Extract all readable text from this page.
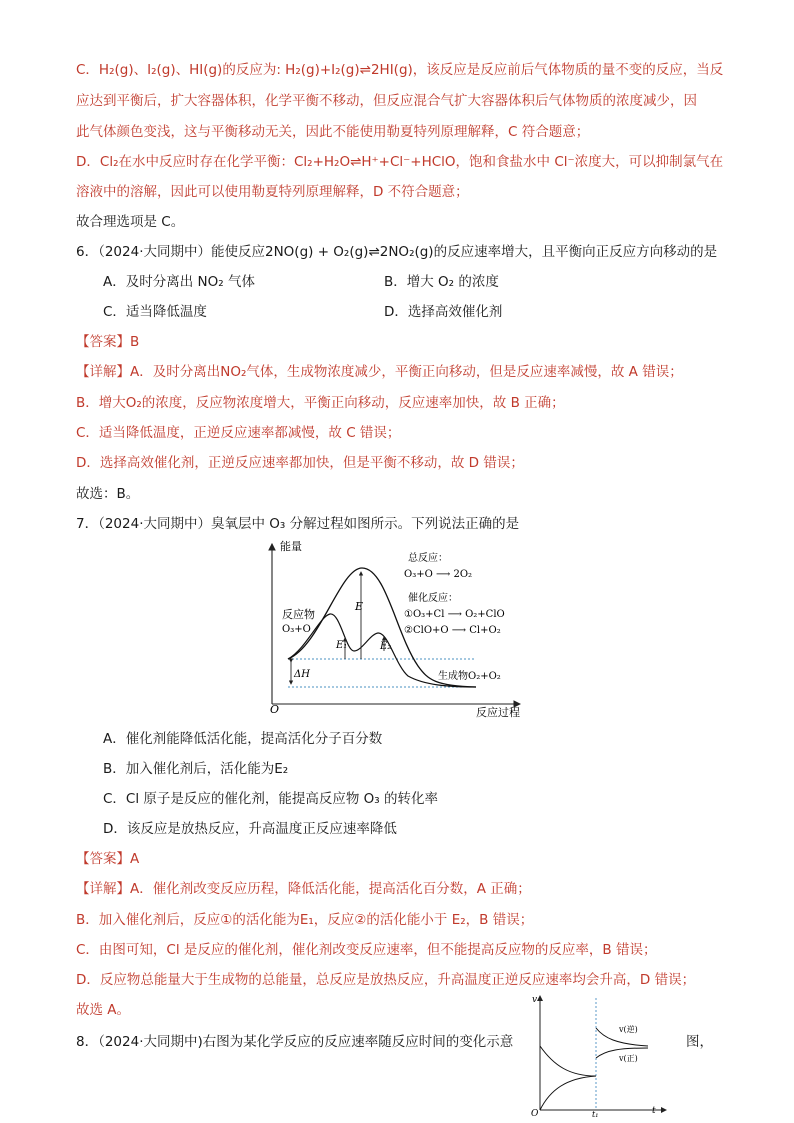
C．H₂(g)、I₂(g)、HI(g)的反应为: H₂(g)+I₂(g)⇌2HI(g)，该反应是反应前后气体物质的量不变的反应，当反
应达到平衡后，扩大容器体积，化学平衡不移动，但反应混合气扩大容器体积后气体物质的浓度减少，因
此气体颜色变浅，这与平衡移动无关，因此不能使用勒夏特列原理解释，C 符合题意；
D．Cl₂在水中反应时存在化学平衡：Cl₂+H₂O⇌H⁺+Cl⁻+HClO，饱和食盐水中 Cl⁻浓度大，可以抑制氯气在
溶液中的溶解，因此可以使用勒夏特列原理解释，D 不符合题意；
故合理选项是 C。
6．（2024·大同期中）能使反应2NO(g) + O₂(g)⇌2NO₂(g)的反应速率增大，且平衡向正反应方向移动的是
A．及时分离出 NO₂ 气体	B．增大 O₂ 的浓度
C．适当降低温度	D．选择高效催化剂
【答案】B
【详解】A．及时分离出NO₂气体，生成物浓度减少，平衡正向移动，但是反应速率减慢，故 A 错误；
B．增大O₂的浓度，反应物浓度增大，平衡正向移动，反应速率加快，故 B 正确；
C．适当降低温度，正逆反应速率都减慢，故 C 错误；
D．选择高效催化剂，正逆反应速率都加快，但是平衡不移动，故 D 错误；
故选：B。
7．（2024·大同期中）臭氧层中 O₃ 分解过程如图所示。下列说法正确的是
能量
反应过程
O
E
E₁	E₂
ΔH
反应物
O₃+O
生成物O₂+O₂
总反应：
O₃+O ⟶ 2O₂
催化反应：
①O₃+Cl ⟶ O₂+ClO
②ClO+O ⟶ Cl+O₂
A．催化剂能降低活化能，提高活化分子百分数
B．加入催化剂后，活化能为E₂
C．Cl 原子是反应的催化剂，能提高反应物 O₃ 的转化率
D．该反应是放热反应，升高温度正反应速率降低
【答案】A
【详解】A．催化剂改变反应历程，降低活化能，提高活化百分数，A 正确；
B．加入催化剂后，反应①的活化能为E₁，反应②的活化能小于 E₂，B 错误；
C．由图可知，Cl 是反应的催化剂，催化剂改变反应速率，但不能提高反应物的反应率，B 错误；
D．反应物总能量大于生成物的总能量，总反应是放热反应，升高温度正逆反应速率均会升高，D 错误；
故选 A。
8．（2024·大同期中)右图为某化学反应的反应速率随反应时间的变化示意	图，
v
t
O	t₁
v(逆)
v(正)
